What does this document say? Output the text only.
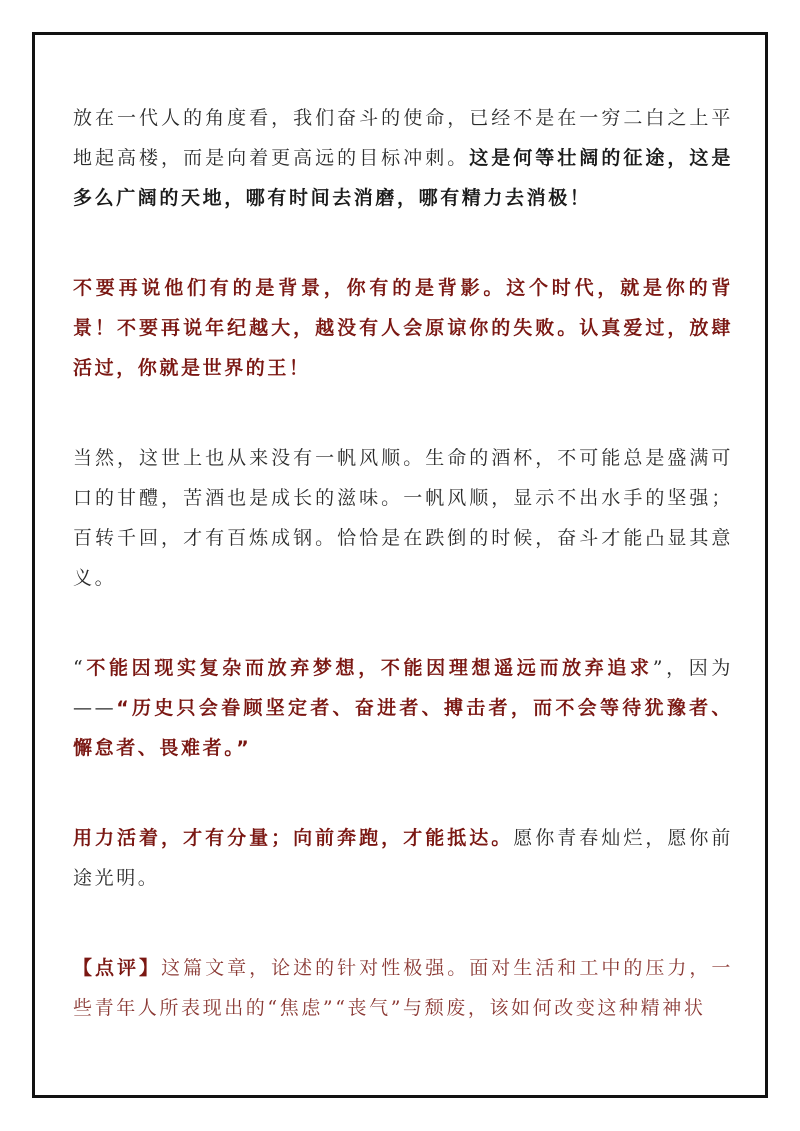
放在一代人的角度看，我们奋斗的使命，已经不是在一穷二白之上平地起高楼，而是向着更高远的目标冲刺。这是何等壮阔的征途，这是多么广阔的天地，哪有时间去消磨，哪有精力去消极！

不要再说他们有的是背景，你有的是背影。这个时代，就是你的背景！不要再说年纪越大，越没有人会原谅你的失败。认真爱过，放肆活过，你就是世界的王！

当然，这世上也从来没有一帆风顺。生命的酒杯，不可能总是盛满可口的甘醴，苦酒也是成长的滋味。一帆风顺，显示不出水手的坚强；百转千回，才有百炼成钢。恰恰是在跌倒的时候，奋斗才能凸显其意义。

“不能因现实复杂而放弃梦想，不能因理想遥远而放弃追求”，因为——“历史只会眷顾坚定者、奋进者、搏击者，而不会等待犹豫者、懈怠者、畏难者。”

用力活着，才有分量；向前奔跑，才能抵达。愿你青春灿烂，愿你前途光明。

【点评】这篇文章，论述的针对性极强。面对生活和工中的压力，一些青年人所表现出的“焦虑”“丧气”与颓废，该如何改变这种精神状
